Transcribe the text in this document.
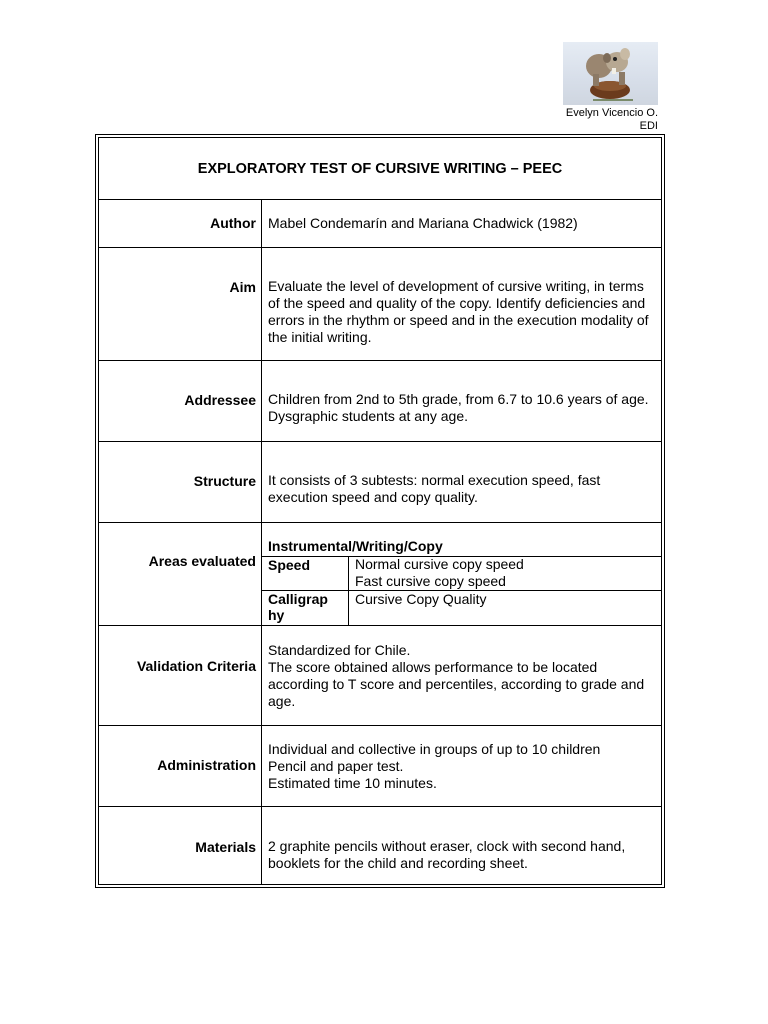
Evelyn Vicencio O.
EDI
EXPLORATORY TEST OF CURSIVE WRITING – PEEC
Author Mabel Condemarín and Mariana Chadwick (1982)
Aim Evaluate the level of development of cursive writing, in terms of the speed and quality of the copy. Identify deficiencies and errors in the rhythm or speed and in the execution modality of the initial writing.
Addressee Children from 2nd to 5th grade, from 6.7 to 10.6 years of age. Dysgraphic students at any age.
Structure It consists of 3 subtests: normal execution speed, fast execution speed and copy quality.
Areas evaluated
Instrumental/Writing/Copy
Speed	Normal cursive copy speed
Fast cursive copy speed
Calligrap
hy
Cursive Copy Quality
Validation Criteria
Standardized for Chile.
The score obtained allows performance to be located according to T score and percentiles, according to grade and age.
Administration
Individual and collective in groups of up to 10 children
Pencil and paper test.
Estimated time 10 minutes.
Materials 2 graphite pencils without eraser, clock with second hand, booklets for the child and recording sheet.
